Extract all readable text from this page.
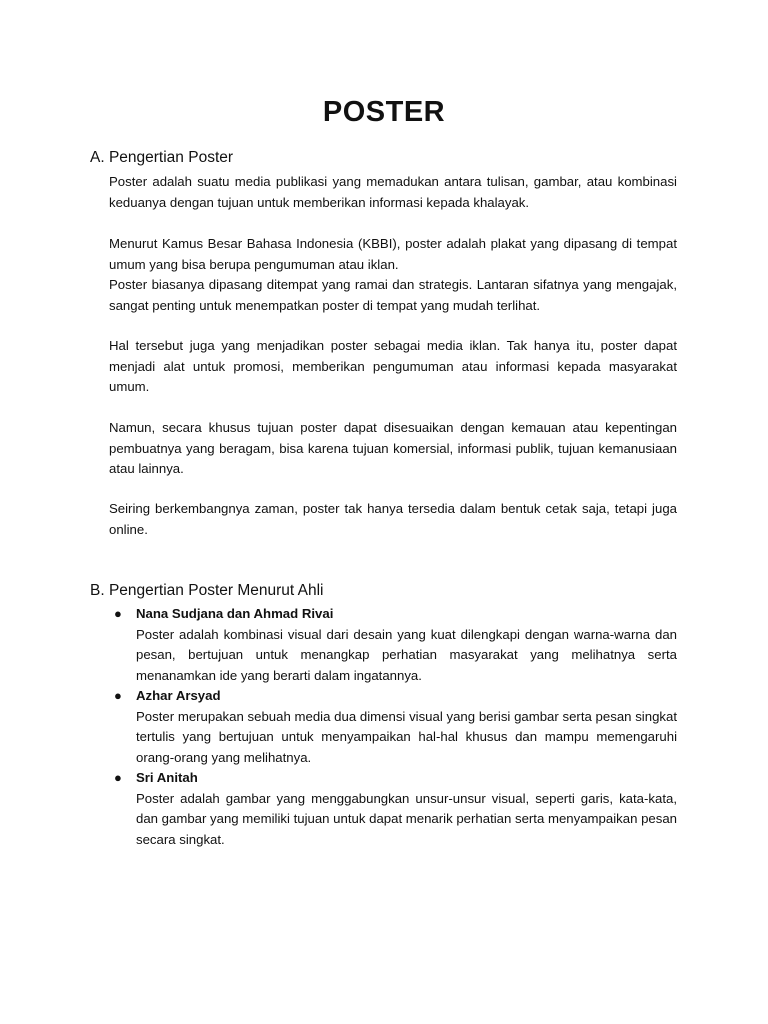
POSTER
A. Pengertian Poster

Poster adalah suatu media publikasi yang memadukan antara tulisan, gambar, atau kombinasi keduanya dengan tujuan untuk memberikan informasi kepada khalayak.

Menurut Kamus Besar Bahasa Indonesia (KBBI), poster adalah plakat yang dipasang di tempat umum yang bisa berupa pengumuman atau iklan.

Poster biasanya dipasang ditempat yang ramai dan strategis. Lantaran sifatnya yang mengajak, sangat penting untuk menempatkan poster di tempat yang mudah terlihat.

Hal tersebut juga yang menjadikan poster sebagai media iklan. Tak hanya itu, poster dapat menjadi alat untuk promosi, memberikan pengumuman atau informasi kepada masyarakat umum.

Namun, secara khusus tujuan poster dapat disesuaikan dengan kemauan atau kepentingan pembuatnya yang beragam, bisa karena tujuan komersial, informasi publik, tujuan kemanusiaan atau lainnya.

Seiring berkembangnya zaman, poster tak hanya tersedia dalam bentuk cetak saja, tetapi juga online.

B. Pengertian Poster Menurut Ahli
● Nana Sudjana dan Ahmad Rivai
Poster adalah kombinasi visual dari desain yang kuat dilengkapi dengan warna-warna dan pesan, bertujuan untuk menangkap perhatian masyarakat yang melihatnya serta menanamkan ide yang berarti dalam ingatannya.
● Azhar Arsyad
Poster merupakan sebuah media dua dimensi visual yang berisi gambar serta pesan singkat tertulis yang bertujuan untuk menyampaikan hal-hal khusus dan mampu memengaruhi orang-orang yang melihatnya.
● Sri Anitah
Poster adalah gambar yang menggabungkan unsur-unsur visual, seperti garis, kata-kata, dan gambar yang memiliki tujuan untuk dapat menarik perhatian serta menyampaikan pesan secara singkat.
